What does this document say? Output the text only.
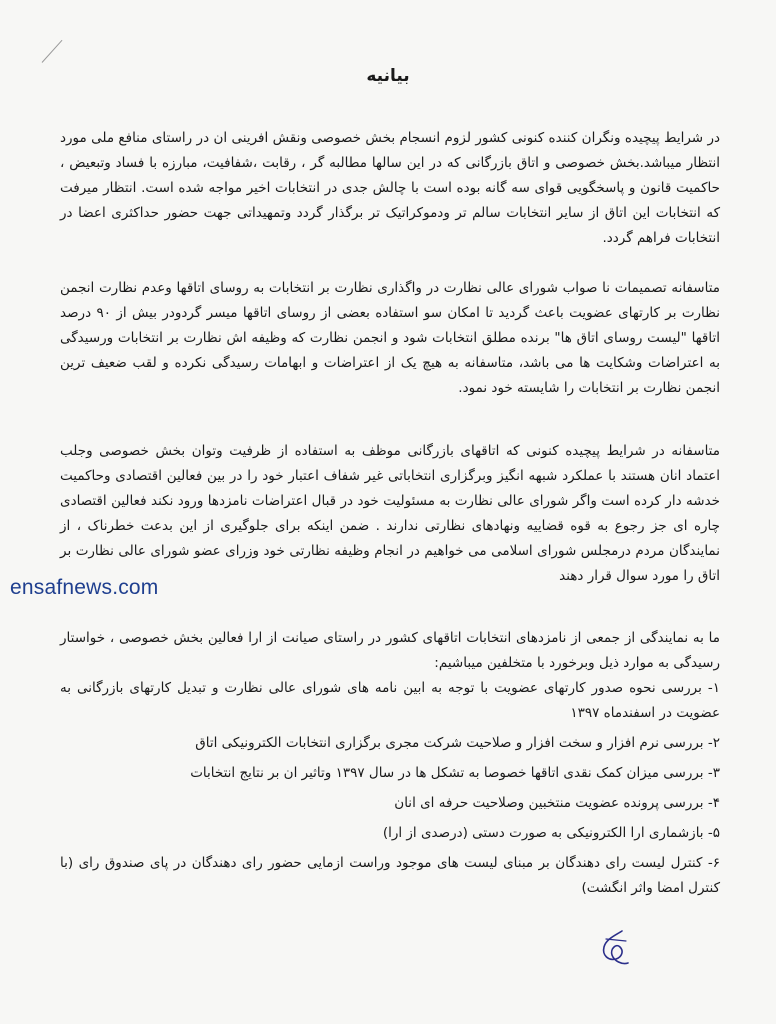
بیانیه

در شرایط پیچیده ونگران کننده کنونی کشور لزوم انسجام بخش خصوصی ونقش افرینی ان در راستای منافع ملی مورد انتظار میباشد.بخش خصوصی و اتاق بازرگانی که در این سالها مطالبه گر ، رقابت ،شفافیت، مبارزه با فساد وتبعیض ، حاکمیت قانون و پاسخگویی قوای سه گانه بوده است با چالش جدی در انتخابات اخیر مواجه شده است. انتظار میرفت که انتخابات این اتاق از سایر انتخابات سالم تر ودموکراتیک تر برگذار گردد وتمهیداتی جهت حضور حداکثری اعضا در انتخابات فراهم گردد.

متاسفانه تصمیمات نا صواب شورای عالی نظارت در واگذاری نظارت بر انتخابات به روسای اتاقها وعدم نظارت انجمن نظارت بر کارتهای عضویت باعث گردید تا امکان سو استفاده بعضی از روسای اتاقها میسر گردودر بیش از ۹۰ درصد اتاقها "لیست روسای اتاق ها" برنده مطلق انتخابات شود و انجمن نظارت که وظیفه اش نظارت بر انتخابات ورسیدگی به اعتراضات وشکایت ها می باشد، متاسفانه به هیچ یک از اعتراضات و ابهامات رسیدگی نکرده و لقب ضعیف ترین انجمن نظارت بر انتخابات را شایسته خود نمود.

متاسفانه در شرایط پیچیده کنونی که اتاقهای بازرگانی موظف به استفاده از ظرفیت وتوان بخش خصوصی وجلب اعتماد انان هستند با عملکرد شبهه انگیز وبرگزاری انتخاباتی غیر شفاف اعتبار خود را در بین فعالین اقتصادی وحاکمیت خدشه دار کرده است واگر شورای عالی نظارت به مسئولیت خود در قبال اعتراضات نامزدها ورود نکند فعالین اقتصادی چاره ای جز رجوع به قوه قضاییه ونهادهای نظارتی ندارند . ضمن اینکه برای جلوگیری از این بدعت خطرناک ، از نمایندگان مردم درمجلس شورای اسلامی می خواهیم در انجام وظیفه نظارتی خود وزرای عضو شورای عالی نظارت بر اتاق را مورد سوال قرار دهند

ما به نمایندگی از جمعی از نامزدهای انتخابات اتاقهای کشور در راستای صیانت از ارا فعالین بخش خصوصی ، خواستار رسیدگی به موارد ذیل وبرخورد با متخلفین میباشیم:

۱- بررسی نحوه صدور کارتهای عضویت با توجه به ابین نامه های شورای عالی نظارت و تبدیل کارتهای بازرگانی به عضویت در اسفندماه ۱۳۹۷
۲- بررسی نرم افزار و سخت افزار و صلاحیت شرکت مجری برگزاری انتخابات الکترونیکی اتاق
۳- بررسی میزان کمک نقدی اتاقها خصوصا به تشکل ها در سال ۱۳۹۷ وتاثیر ان بر نتایج انتخابات
۴- بررسی پرونده عضویت منتخبین وصلاحیت حرفه ای انان
۵- بازشماری ارا الکترونیکی به صورت دستی (درصدی از ارا)
۶- کنترل لیست رای دهندگان بر مبنای لیست های موجود وراست ازمایی حضور رای دهندگان در پای صندوق رای (با کنترل امضا واثر انگشت)
ensafnews.com
